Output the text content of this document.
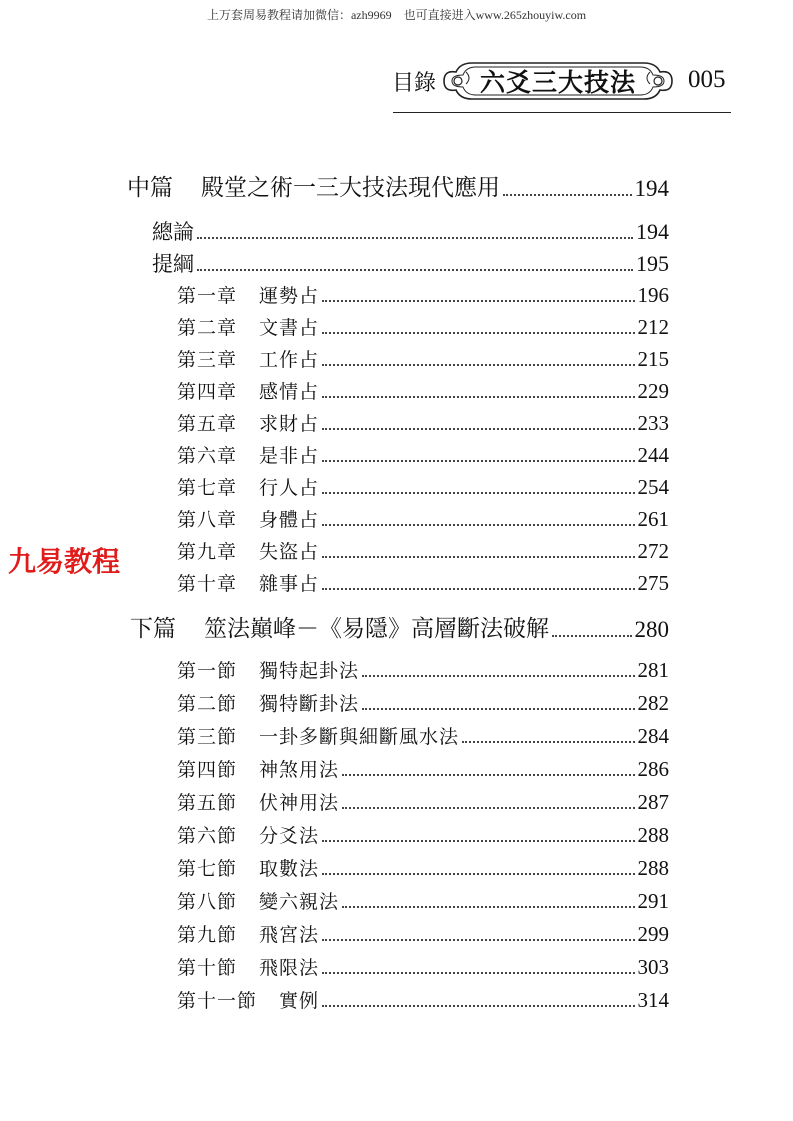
上万套周易教程请加微信：azh9969　也可直接进入www.265zhouyiw.com
目錄 六爻三大技法 005
九易教程
中篇 殿堂之術一三大技法現代應用	194
總論	194
提綱	195
第一章 運勢占	196
第二章 文書占	212
第三章 工作占	215
第四章 感情占	229
第五章 求財占	233
第六章 是非占	244
第七章 行人占	254
第八章 身體占	261
第九章 失盜占	272
第十章 雜事占	275
下篇 筮法巔峰－《易隱》高層斷法破解	280
第一節 獨特起卦法	281
第二節 獨特斷卦法	282
第三節 一卦多斷與細斷風水法	284
第四節 神煞用法	286
第五節 伏神用法	287
第六節 分爻法	288
第七節 取數法	288
第八節 變六親法	291
第九節 飛宮法	299
第十節 飛限法	303
第十一節 實例	314
